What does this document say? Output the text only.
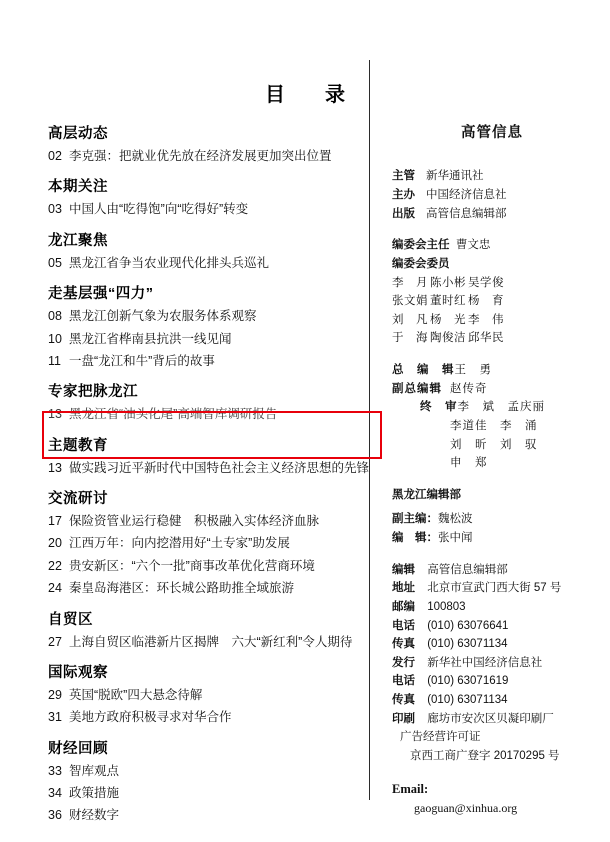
目　录
高层动态
02 李克强：把就业优先放在经济发展更加突出位置
本期关注
03 中国人由“吃得饱”向“吃得好”转变
龙江聚焦
05 黑龙江省争当农业现代化排头兵巡礼
走基层强“四力”
08 黑龙江创新气象为农服务体系观察
10 黑龙江省桦南县抗洪一线见闻
11 一盘“龙江和牛”背后的故事
专家把脉龙江
13 黑龙江省“油头化尾”高端智库调研报告
主题教育
13 做实践习近平新时代中国特色社会主义经济思想的先锋
交流研讨
17 保险资管业运行稳健　积极融入实体经济血脉
20 江西万年：向内挖潜用好“土专家”助发展
22 贵安新区：“六个一批”商事改革优化营商环境
24 秦皇岛海港区：环长城公路助推全域旅游
自贸区
27 上海自贸区临港新片区揭牌　六大“新红利”令人期待
国际观察
29 英国“脱欧”四大悬念待解
31 美地方政府积极寻求对华合作
财经回顾
33 智库观点
34 政策措施
36 财经数字
高管信息
主管 新华通讯社
主办 中国经济信息社
出版 高管信息编辑部
编委会主任 曹文忠
编委会委员
李　月 陈小彬 吴学俊
张文娟 董时红 杨　育
刘　凡 杨　光 李　伟
于　海 陶俊洁 邱华民
总　编　辑王　勇
副总编辑 赵传奇
终　审李　斌　孟庆丽
李道佳　李　涌
刘　昕　刘　驭
申　郑
黑龙江编辑部
副主编：魏松波
编　辑：张中闻
编辑 高管信息编辑部
地址 北京市宣武门西大街 57 号
邮编 100803
电话 (010) 63076641
传真 (010) 63071134
发行 新华社中国经济信息社
电话 (010) 63071619
传真 (010) 63071134
印刷 廊坊市安次区贝凝印刷厂
广告经营许可证
京西工商广登字 20170295 号
Email:
gaoguan@xinhua.org
